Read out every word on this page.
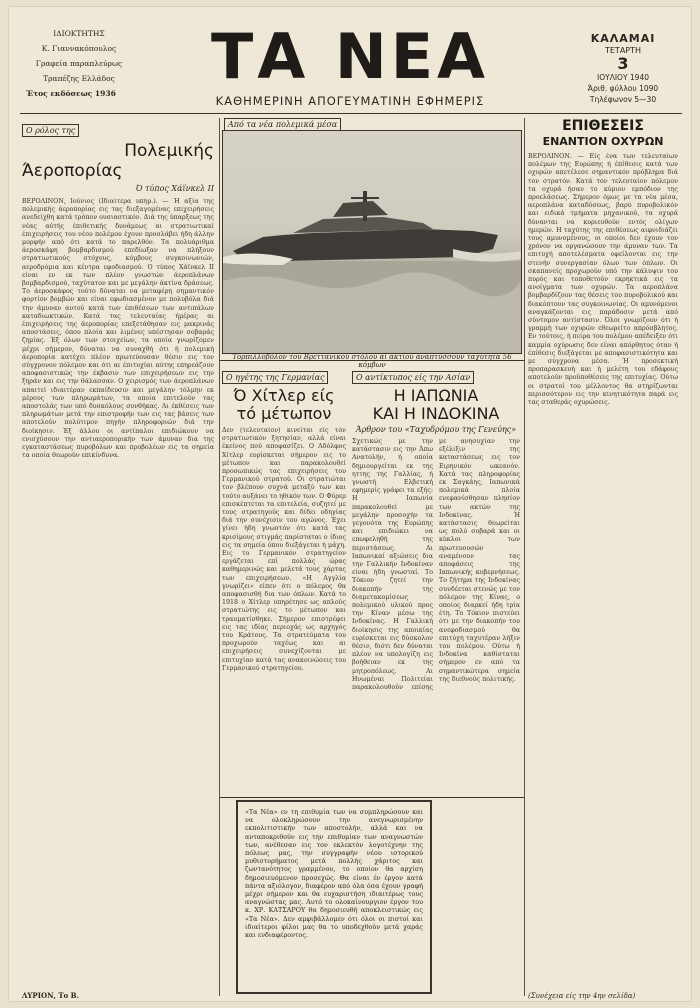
ΙΔΙΟΚΤΗΤΗΣ
Κ. Γιαννακόπουλος
Γραφεία παραπλεύρως
Τραπέζης Ελλάδος
Έτος εκδόσεως 1936
ΤΑ ΝΕΑ
ΚΑΘΗΜΕΡΙΝΗ ΑΠΟΓΕΥΜΑΤΙΝΗ ΕΦΗΜΕΡΙΣ
ΚΑΛΑΜΑΙ
ΤΕΤΑΡΤΗ
3
ΙΟΥΛΙΟΥ 1940
Άριθ. φύλλου 1090
Τηλέφωνον 5—30
Ο ρόλος της
Πολεμικής
Άεροπορίας
Ό τύπος Χάϊνκελ ΙΙ
ΒΕΡΟΛΙΝΟΝ, Ιούνιος (Ιδιαίτερα υπηρ.). — Ή αξία της πολεμικής άεροπορίας εις τας διεξαγομένας επιχειρήσεις ανεδείχθη κατά τρόπον ουσιαστικόν. Διά της ύπαρξεως της νέας αύτής έπιθετικής δυνάμεως αι στρατιωτικαί έπιχειρήσεις του νέου πολέμου έχουν προσλάβει ήδη άλλην μορφήν από ότι κατά το παρελθόν. Τα πολυάριθμα άεροσκάφη βομβαρδισμού επεδίωξαν να πλήξουν στρατιωτικούς στόχους, κόμβους συγκοινωνιών, αεροδρόμια και κέντρα εφοδιασμού. Ο τύπος Χάϊνκελ ΙΙ είναι εν εκ των πλέον γνωστών άεροπλάνων βομβαρδισμού, ταχύτατον και με μεγάλην άκτίνα δράσεως. Το άεροσκάφος τούτο δύναται να μεταφέρη σημαντικόν φορτίον βομβών και είναι εφωδιασμένον με πολυβόλα διά την άμυναν αυτού κατά των έπιθέσεων των αντιπάλων καταδιωκτικών. Κατά τας τελευταίας ήμέρας αι έπιχειρήσεις της άεροπορίας επεξετάθησαν εις μακρινάς αποστάσεις, όπου πλοία και λιμένες υπέστησαν σοβαράς ζημίας. Έξ όλων των στοιχείων, τα οποία γνωρίζομεν μέχρι σήμερον, δύναται να συναχθή ότι ή πολεμική άεροπορία κατέχει πλέον πρωτεύουσαν θέσιν εις τον σύγχρονον πόλεμον και ότι αι έπιτυχίαι αύτης επηρεάζουν αποφασιστικώς την έκβασιν των επιχειρήσεων εις την ξηράν και εις την θάλασσαν. Ο χειρισμός των άεροπλάνων απαιτεί ιδιαιτέραν εκπαίδευσιν και μεγάλην τόλμην εκ μέρους των πληρωμάτων, τα οποία επιτελούν τας αποστολάς των υπό δυσκόλους συνθήκας. Αι έκθέσεις των πληρωμάτων μετά την επιστροφήν των εις τας βάσεις των αποτελούν πολύτιμον πηγήν πληροφοριών διά την διοίκησιν. Έξ άλλου οι αντίπαλοι επιδιώκουν να ενισχύσουν την αντιαεροπορικήν των άμυναν δια της εγκαταστάσεως πυροβόλων και προβολέων εις τα σημεία τα οποία θεωρούν επικίνδυνα.
ΛΥΡΙΟΝ, Το Β.
Από τα νέα πολεμικά μέσα
Τορπιλλοβόλον του Βρεττανικού στόλου αί ακτίου αναπτύσσουν ταχύτητα 56 κόμβων
Ο ηγέτης της Γερμανίας
Ό Χίτλερ είς
τό μέτωπον
Δεν (τελευταίον) κινείται είς τόν στρατιωτικόν ξητησίαν, αλλά είναι έκείνος πού αποφασίζει. Ο Αδόλφος Χίτλερ ευρίσκεται σήμερον εις το μέτωπον και παρακολουθεί προσωπικώς τας επιχειρήσεις του Γερμανικού στρατού. Οι στρατιώται τον βλέπουν συχνά μεταξύ των και τούτο αυξάνει το ηθικόν των. Ο Φύρερ επισκέπτεται τα επιτελεία, συζητεί με τους στρατηγούς και δίδει οδηγίας διά την συνέχισιν του αγώνος. Έχει γίνει ήδη γνωστόν ότι κατά τας κρισίμους στιγμάς παρίσταται ο ίδιος εις τα σημεία όπου διεξάγεται ή μάχη. Εις το Γερμανικόν στρατηγείον εργάζεται επί πολλάς ώρας καθημερινώς και μελετά τους χάρτας των επιχειρήσεων. «Η Αγγλία γνωρίζει» είπεν ότι ο πόλεμος θα αποφασισθή δια των όπλων. Κατά το 1918 ο Χίτλερ υπηρέτησε ως απλούς στρατιώτης εις το μέτωπον και τραυματίσθηκε. Σήμερον επιστρέφει εις τας ιδίας περιοχάς ως αρχηγός του Κράτους. Τα στρατεύματα του προχωρούν ταχέως και αι επιχειρήσεις συνεχίζονται με επιτυχίαν κατά τας ανακοινώσεις του Γερμανικού στρατηγείου.
Ο αντίκτυπος είς την Ασίαν
Η ΙΑΠΩΝΙΑ
ΚΑΙ Η ΙΝΔΟΚΙΝΑ
Άρθρον του «Ταχυδρόμου της Γενεύης»
Σχετικώς με την κατάστασιν εις την Άπω Ανατολήν, ή οποία δημιουργείται εκ της ηττης της Γαλλίας, ή γνωστή Ελβετική εφημερίς γράφει τα εξής: Η Ιαπωνία παρακολουθεί με μεγάλην προσοχήν τα γεγονότα της Ευρώπης και επιδιώκει να επωφεληθή της περιστάσεως. Αι Ιαπωνικαί αξιώσεις δια την Γαλλικήν Ινδοκίναν είναι ήδη γνωσταί. Το Τόκιον ζητεί την διακοπήν της διαμετακομίσεως πολεμικού υλικού προς την Κίναν μέσω της Ινδοκίνας. Η Γαλλική διοίκησις της αποικίας ευρίσκεται εις δύσκολον θέσιν, διότι δεν δύναται πλέον να υπολογίζη εις βοήθειαν εκ της μητροπόλεως. Αι Ηνωμέναι Πολιτείαι παρακολουθούν επίσης με ανησυχίαν την εξέλιξιν της καταστάσεως εις τον Ειρηνικόν ωκεανόν. Κατά τας πληροφορίας εκ Σαγκάης, Ιαπωνικά πολεμικά πλοία ενεφανίσθησαν πλησίον των ακτών της Ινδοκίνας. Ή κατάστασις θεωρείται ως πολύ σοβαρά και οι κύκλοι των πρωτευουσών αναμένουν τας αποφάσεις της Ιαπωνικής κυβερνήσεως. Το ζήτημα της Ινδοκίνας συνδέεται στενώς με τον πόλεμον της Κίνας, ο οποίος διαρκεί ήδη τρία έτη. Το Τόκιον πιστεύει ότι με την διακοπήν του ανεφοδιασμού θα επιτύχη ταχυτέραν λήξιν του πολέμου. Ούτω ή Ινδοκίνα καθίσταται σήμερον εν από τα σημαντικώτερα σημεία της διεθνούς πολιτικής.
«Τα Νέα» εν τη επιθυμία των να συμπληρώσουν και να ολοκληρώσουν την ανεγνωρισμένην εκπολιτιστικήν των αποστολήν, αλλά και να ανταποκριθούν εις την επιθυμίαν των αναγνωστών των, ανέθεσαν εις τον εκλεκτόν λογοτέχνην της πόλεως μας, την συγγραφήν νέου ιστορικού μυθιστορήματος μετά πολλής χάριτος και ζωντανότητος γραμμένου, το οποίον θα αρχίση δημοσιευόμενον προσεχώς. Θα είναι έν έργον κατά πάντα αξιόλογον, διαφέρον από όλα όσα έχουν γραφή μέχρι σήμερον και θα ευχαριστήση ιδιαιτέρως τους αναγνώστας μας. Αυτό το ολοκαίνουργιον έργον του κ. ΧΡ. ΚΑΤΣΑΡΟΥ θα δημοσιευθή αποκλειστικώς εις «Τα Νέα». Δεν αμφιβάλλομεν ότι όλοι οι πιστοί και ιδιαίτεροι φίλοι μας θα το υποδεχθούν μετά χαράς και ενδιαφέροντος.
ΕΠΙΘΕΣΕΙΣ
ΕΝΑΝΤΙΟΝ ΟΧΥΡΩΝ
ΒΕΡΟΛΙΝΟΝ. — Είς ένα των τελευταίων πολέμων της Ευρώπης ή έπίθεσις κατά των οχυρών απετέλεσε σημαντικόν πρόβλημα διά τον στρατόν. Κατά τον τελευταίον πόλεμον τα οχυρά ήσαν το κύριον εμπόδιον της προελάσεως. Σήμερον όμως με τα νέα μέσα, αεροπλάνα καταδύσεως, βαρύ πυροβολικόν και ειδικά τμήματα μηχανικού, τα οχυρά δύνανται να κυριευθούν εντός ολίγων ημερών. Η ταχύτης της επιθέσεως αιφνιδιάζει τους αμυνομένους, οι οποίοι δεν έχουν τον χρόνον να οργανώσουν την άμυναν των. Τα επιτυχή αποτελέσματα οφείλονται εις την στενήν συνεργασίαν όλων των όπλων. Οι σκαπανείς προχωρούν υπό την κάλυψιν του πυρός και τοποθετούν εκρηκτικά εις τα ανοίγματα των οχυρών. Τα αεροπλάνα βομβαρδίζουν τας θέσεις του πυροβολικού και διακόπτουν τας συγκοινωνίας. Οι αμυνόμενοι αναγκάζονται εις παράδοσιν μετά από σύντομον αντίστασιν. Όλοι γνωρίζουν ότι ή γραμμή των οχυρών εθεωρείτο απρόσβλητος. Εν τούτοις, ή πείρα του πολέμου απέδειξεν ότι καμμία οχύρωσις δεν είναι απόρθητος όταν ή έπίθεσις διεξάγεται με αποφασιστικότητα και με σύγχρονα μέσα. Ή προσεκτική προπαρασκευή και ή μελέτη του εδάφους αποτελούν προϋποθέσεις της επιτυχίας. Ούτω οι στρατοί του μέλλοντος θα στηρίζωνται περισσότερον εις την κινητικότητα παρά εις τας σταθεράς οχυρώσεις.
(Συνέχεια είς την 4ην σελίδα)
